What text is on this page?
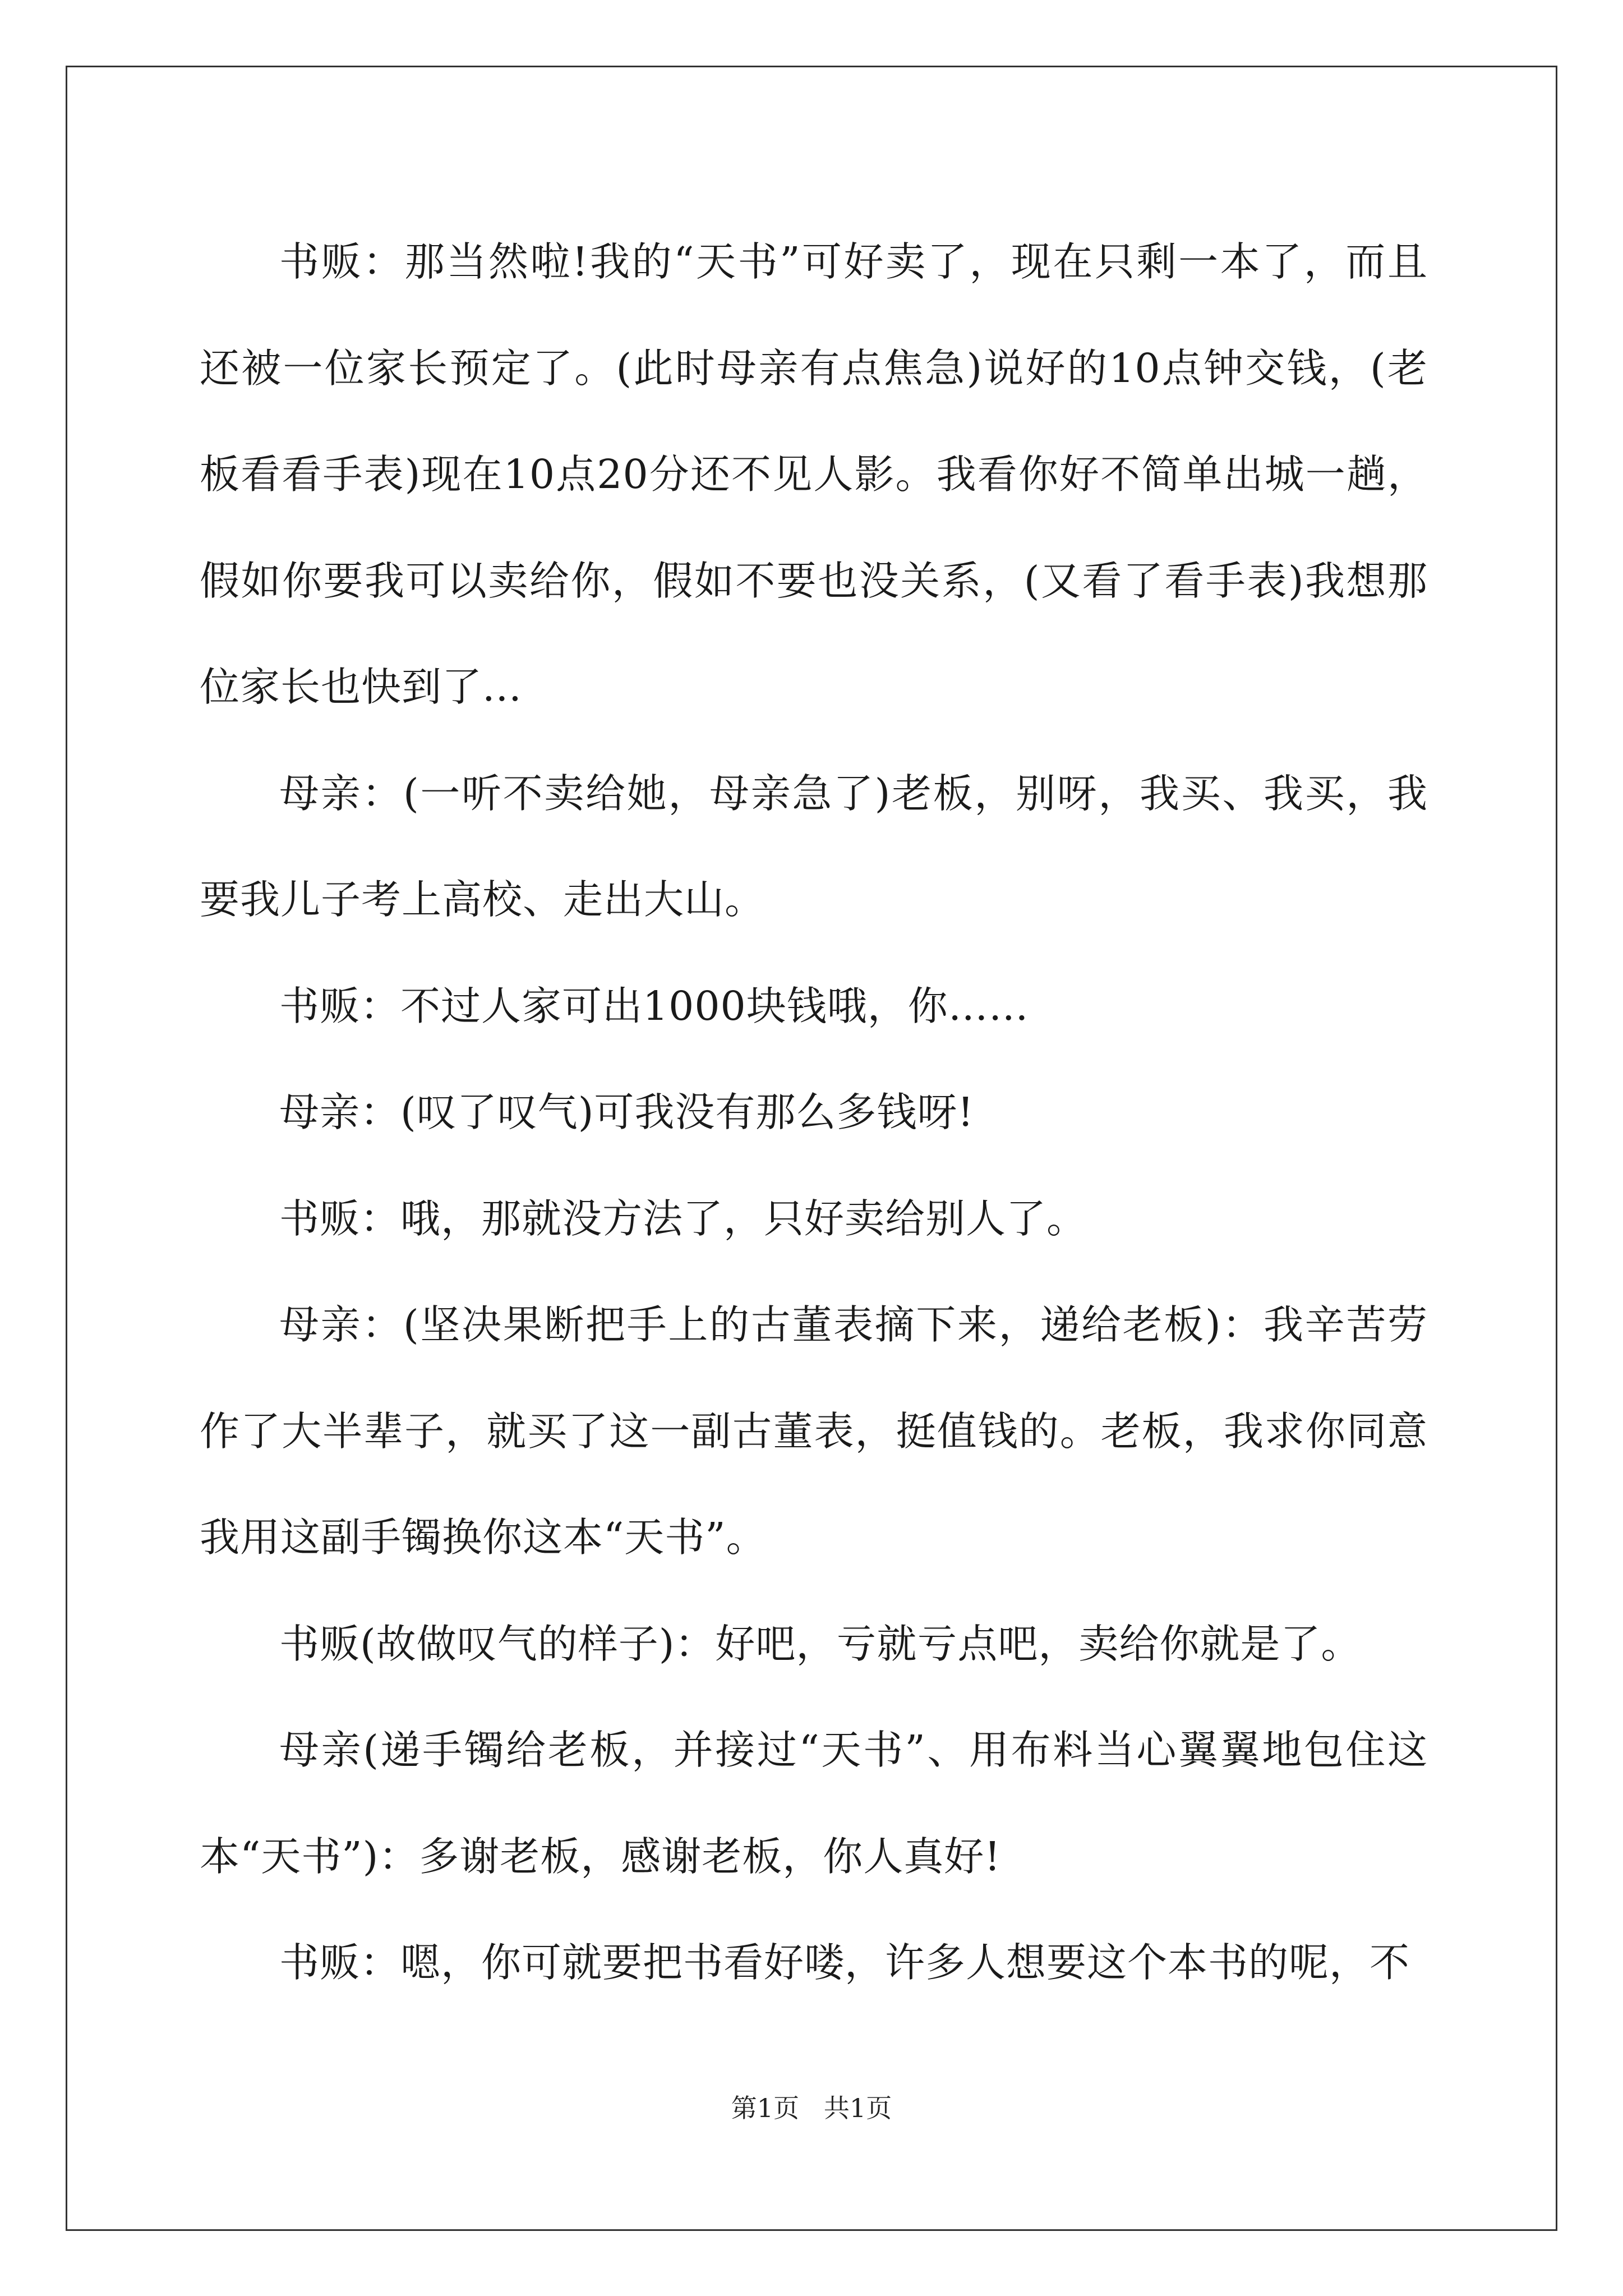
书贩：那当然啦!我的“天书”可好卖了，现在只剩一本了，而且还被一位家长预定了。(此时母亲有点焦急)说好的10点钟交钱，(老板看看手表)现在10点20分还不见人影。我看你好不简单出城一趟，假如你要我可以卖给你，假如不要也没关系，(又看了看手表)我想那位家长也快到了...

母亲：(一听不卖给她，母亲急了)老板，别呀，我买、我买，我要我儿子考上高校、走出大山。

书贩：不过人家可出1000块钱哦，你……

母亲：(叹了叹气)可我没有那么多钱呀!

书贩：哦，那就没方法了，只好卖给别人了。

母亲：(坚决果断把手上的古董表摘下来，递给老板)：我辛苦劳作了大半辈子，就买了这一副古董表，挺值钱的。老板，我求你同意我用这副手镯换你这本“天书”。

书贩(故做叹气的样子)：好吧，亏就亏点吧，卖给你就是了。

母亲(递手镯给老板，并接过“天书”、用布料当心翼翼地包住这本“天书”)：多谢老板，感谢老板，你人真好!

书贩：嗯，你可就要把书看好喽，许多人想要这个本书的呢，不

第1页   共1页
